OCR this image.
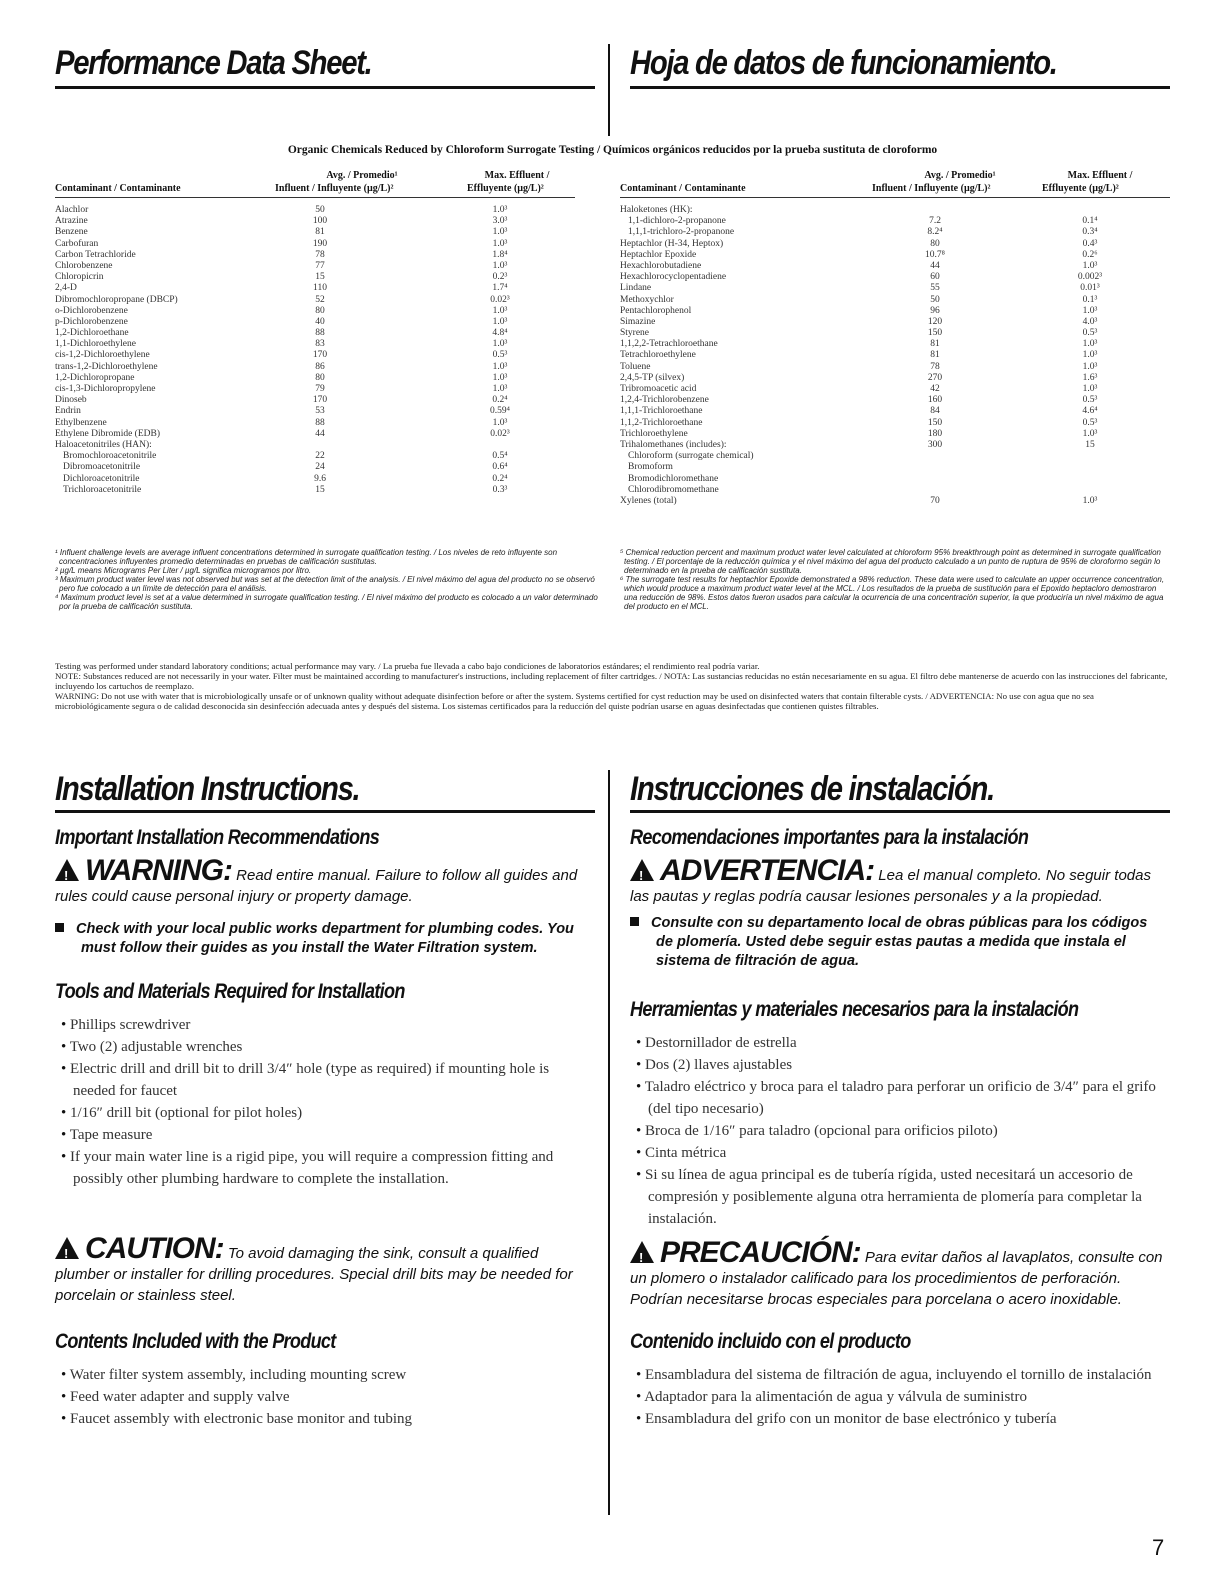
Performance Data Sheet.	Hoja de datos de funcionamiento.
Organic Chemicals Reduced by Chloroform Surrogate Testing / Químicos orgánicos reducidos por la prueba sustituta de cloroformo
Avg. / Promedio¹	Max. Effluent /
Contaminant / Contaminante	Influent / Influyente (µg/L)²	Effluyente (µg/L)²
Alachlor	50	1.0³
Atrazine	100	3.0³
Benzene	81	1.0³
Carbofuran	190	1.0³
Carbon Tetrachloride	78	1.8⁴
Chlorobenzene	77	1.0³
Chloropicrin	15	0.2³
2,4-D	110	1.7⁴
Dibromochloropropane (DBCP)	52	0.02³
o-Dichlorobenzene	80	1.0³
p-Dichlorobenzene	40	1.0³
1,2-Dichloroethane	88	4.8⁴
1,1-Dichloroethylene	83	1.0³
cis-1,2-Dichloroethylene	170	0.5³
trans-1,2-Dichloroethylene	86	1.0³
1,2-Dichloropropane	80	1.0³
cis-1,3-Dichloropropylene	79	1.0³
Dinoseb	170	0.2⁴
Endrin	53	0.59⁴
Ethylbenzene	88	1.0³
Ethylene Dibromide (EDB)	44	0.02³
Haloacetonitriles (HAN):
Bromochloroacetonitrile	22	0.5⁴
Dibromoacetonitrile	24	0.6⁴
Dichloroacetonitrile	9.6	0.2⁴
Trichloroacetonitrile	15	0.3³
Avg. / Promedio¹	Max. Effluent /
Contaminant / Contaminante	Influent / Influyente (µg/L)²	Effluyente (µg/L)²
Haloketones (HK):
1,1-dichloro-2-propanone	7.2	0.1⁴
1,1,1-trichloro-2-propanone	8.2⁴	0.3⁴
Heptachlor (H-34, Heptox)	80	0.4³
Heptachlor Epoxide	10.7⁸	0.2⁶
Hexachlorobutadiene	44	1.0³
Hexachlorocyclopentadiene	60	0.002³
Lindane	55	0.01³
Methoxychlor	50	0.1³
Pentachlorophenol	96	1.0³
Simazine	120	4.0³
Styrene	150	0.5³
1,1,2,2-Tetrachloroethane	81	1.0³
Tetrachloroethylene	81	1.0³
Toluene	78	1.0³
2,4,5-TP (silvex)	270	1.6³
Tribromoacetic acid	42	1.0³
1,2,4-Trichlorobenzene	160	0.5³
1,1,1-Trichloroethane	84	4.6⁴
1,1,2-Trichloroethane	150	0.5³
Trichloroethylene	180	1.0³
Trihalomethanes (includes):	300	15
Chloroform (surrogate chemical)
Bromoform
Bromodichloromethane
Chlorodibromomethane
Xylenes (total)	70	1.0³

¹ Influent challenge levels are average influent concentrations determined in surrogate qualification testing. / Los niveles de reto influyente son concentraciones influyentes promedio determinadas en pruebas de calificación sustitutas.

² µg/L means Micrograms Per Liter / µg/L significa microgramos por litro.

³ Maximum product water level was not observed but was set at the detection limit of the analysis. / El nivel máximo del agua del producto no se observó pero fue colocado a un límite de detección para el análisis.

⁴ Maximum product level is set at a value determined in surrogate qualification testing. / El nivel máximo del producto es colocado a un valor determinado por la prueba de calificación sustituta.

⁵ Chemical reduction percent and maximum product water level calculated at chloroform 95% breakthrough point as determined in surrogate qualification testing. / El porcentaje de la reducción química y el nivel máximo del agua del producto calculado a un punto de ruptura de 95% de cloroformo según lo determinado en la prueba de calificación sustituta.

⁶ The surrogate test results for heptachlor Epoxide demonstrated a 98% reduction. These data were used to calculate an upper occurrence concentration, which would produce a maximum product water level at the MCL. / Los resultados de la prueba de sustitución para el Epoxido heptacloro demostraron una reducción de 98%. Estos datos fueron usados para calcular la ocurrencia de una concentración superior, la que produciría un nivel máximo de agua del producto en el MCL.

Testing was performed under standard laboratory conditions; actual performance may vary. / La prueba fue llevada a cabo bajo condiciones de laboratorios estándares; el rendimiento real podría variar.

NOTE: Substances reduced are not necessarily in your water. Filter must be maintained according to manufacturer's instructions, including replacement of filter cartridges. / NOTA: Las sustancias reducidas no están necesariamente en su agua. El filtro debe mantenerse de acuerdo con las instrucciones del fabricante, incluyendo los cartuchos de reemplazo.

WARNING: Do not use with water that is microbiologically unsafe or of unknown quality without adequate disinfection before or after the system. Systems certified for cyst reduction may be used on disinfected waters that contain filterable cysts. / ADVERTENCIA: No use con agua que no sea microbiológicamente segura o de calidad desconocida sin desinfección adecuada antes y después del sistema. Los sistemas certificados para la reducción del quiste podrían usarse en aguas desinfectadas que contienen quistes filtrables.

Installation Instructions.
Important Installation Recommendations
!WARNING: Read entire manual. Failure to follow all guides and rules could cause personal injury or property damage.
Check with your local public works department for plumbing codes. You must follow their guides as you install the Water Filtration system.
Tools and Materials Required for Installation
• Phillips screwdriver
• Two (2) adjustable wrenches
• Electric drill and drill bit to drill 3/4″ hole (type as required) if mounting hole is needed for faucet
• 1/16″ drill bit (optional for pilot holes)
• Tape measure
• If your main water line is a rigid pipe, you will require a compression fitting and possibly other plumbing hardware to complete the installation.
!CAUTION: To avoid damaging the sink, consult a qualified plumber or installer for drilling procedures. Special drill bits may be needed for porcelain or stainless steel.
Contents Included with the Product
• Water filter system assembly, including mounting screw
• Feed water adapter and supply valve
• Faucet assembly with electronic base monitor and tubing
Instrucciones de instalación.
Recomendaciones importantes para la instalación
!ADVERTENCIA: Lea el manual completo. No seguir todas las pautas y reglas podría causar lesiones personales y a la propiedad.
Consulte con su departamento local de obras públicas para los códigos de plomería. Usted debe seguir estas pautas a medida que instala el sistema de filtración de agua.
Herramientas y materiales necesarios para la instalación
• Destornillador de estrella
• Dos (2) llaves ajustables
• Taladro eléctrico y broca para el taladro para perforar un orificio de 3/4″ para el grifo (del tipo necesario)
• Broca de 1/16″ para taladro (opcional para orificios piloto)
• Cinta métrica
• Si su línea de agua principal es de tubería rígida, usted necesitará un accesorio de compresión y posiblemente alguna otra herramienta de plomería para completar la instalación.
!PRECAUCIÓN: Para evitar daños al lavaplatos, consulte con un plomero o instalador calificado para los procedimientos de perforación. Podrían necesitarse brocas especiales para porcelana o acero inoxidable.
Contenido incluido con el producto
• Ensambladura del sistema de filtración de agua, incluyendo el tornillo de instalación
• Adaptador para la alimentación de agua y válvula de suministro
• Ensambladura del grifo con un monitor de base electrónico y tubería
7
